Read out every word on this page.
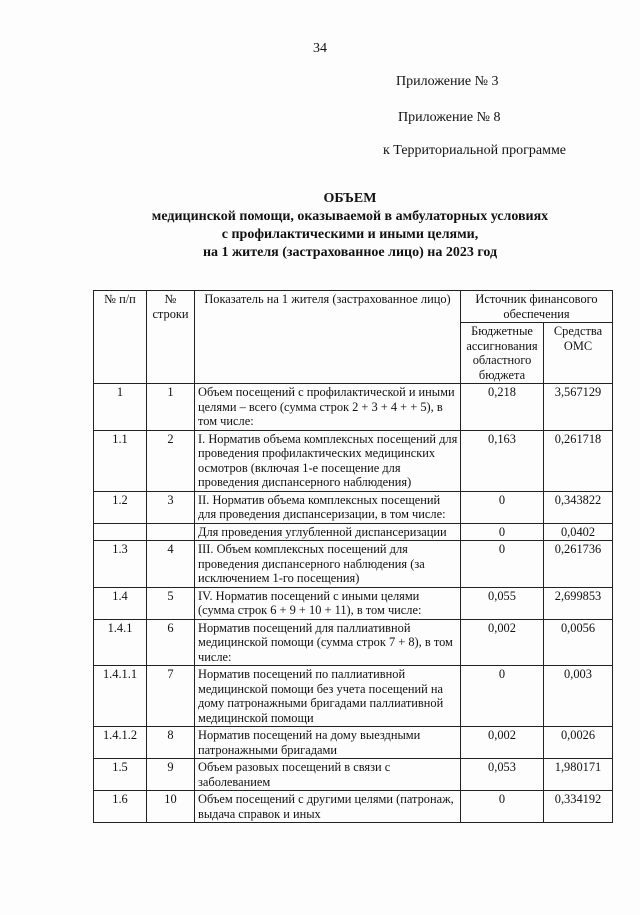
34
Приложение № 3
Приложение № 8
к Территориальной программе
ОБЪЕМ
медицинской помощи, оказываемой в амбулаторных условиях
с профилактическими и иными целями,
на 1 жителя (застрахованное лицо) на 2023 год
№ п/п	№ строки	Показатель на 1 жителя (застрахованное лицо)	Источник финансового обеспечения	
			Бюджетные ассигнования областного бюджета	Средства ОМС
1	1	Объем посещений с профилактической и иными целями – всего (сумма строк 2 + 3 + 4 + + 5), в том числе:	0,218	3,567129
1.1	2	I. Норматив объема комплексных посещений для проведения профилактических медицинских осмотров (включая 1-е посещение для проведения диспансерного наблюдения)	0,163	0,261718
1.2	3	II. Норматив объема комплексных посещений для проведения диспансеризации, в том числе:	0	0,343822
		Для проведения углубленной диспансеризации	0	0,0402
1.3	4	III. Объем комплексных посещений для проведения диспансерного наблюдения (за исключением 1-го посещения)	0	0,261736
1.4	5	IV. Норматив посещений с иными целями (сумма строк 6 + 9 + 10 + 11), в том числе:	0,055	2,699853
1.4.1	6	Норматив посещений для паллиативной медицинской помощи (сумма строк 7 + 8), в том числе:	0,002	0,0056
1.4.1.1	7	Норматив посещений по паллиативной медицинской помощи без учета посещений на дому патронажными бригадами паллиативной медицинской помощи	0	0,003
1.4.1.2	8	Норматив посещений на дому выездными патронажными бригадами	0,002	0,0026
1.5	9	Объем разовых посещений в связи с заболеванием	0,053	1,980171
1.6	10	Объем посещений с другими целями (патронаж, выдача справок и иных	0	0,334192
